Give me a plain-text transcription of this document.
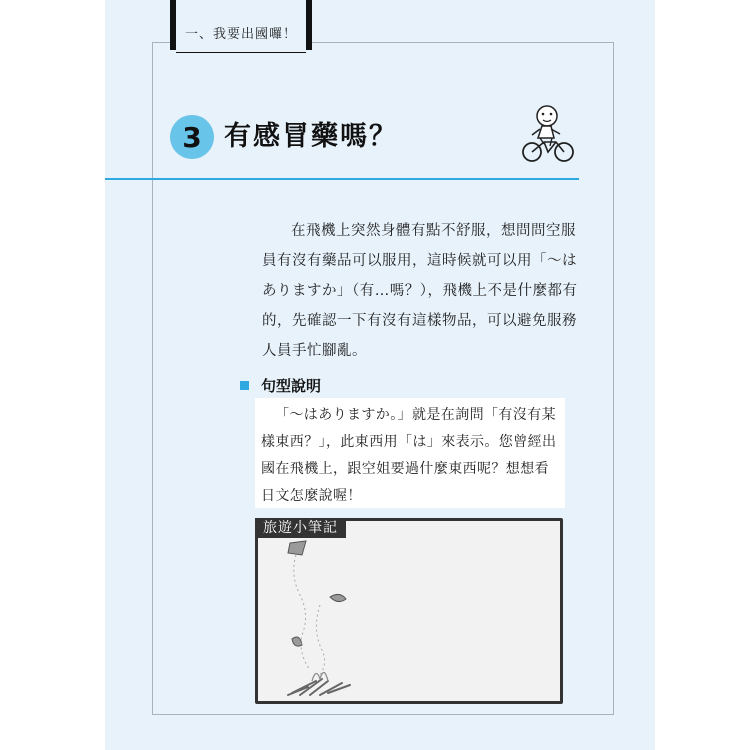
一、我要出國囉！
3 有感冒藥嗎？

在飛機上突然身體有點不舒服，想問問空服員有沒有藥品可以服用，這時候就可以用「～はありますか」（有…嗎？），飛機上不是什麼都有的，先確認一下有沒有這樣物品，可以避免服務人員手忙腳亂。

句型說明

「～はありますか。」就是在詢問「有沒有某樣東西？」，此東西用「は」來表示。您曾經出國在飛機上，跟空姐要過什麼東西呢？想想看日文怎麼說喔！

旅遊小筆記
